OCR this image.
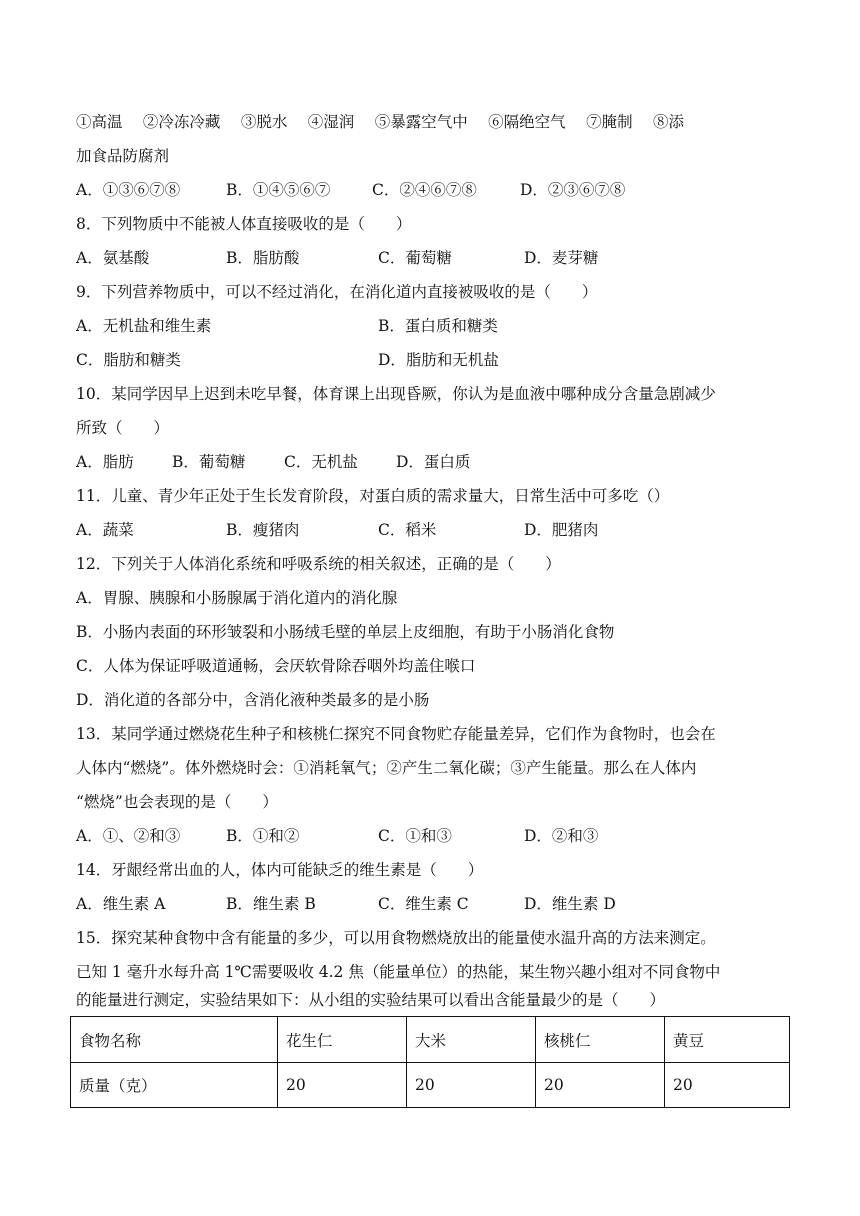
①高温　 ②冷冻冷藏　 ③脱水　 ④湿润　 ⑤暴露空气中　 ⑥隔绝空气　 ⑦腌制　 ⑧添
加食品防腐剂
A．①③⑥⑦⑧	B．①④⑤⑥⑦	C．②④⑥⑦⑧	D．②③⑥⑦⑧
8．下列物质中不能被人体直接吸收的是（　　）
A．氨基酸	B．脂肪酸	C．葡萄糖	D．麦芽糖
9．下列营养物质中，可以不经过消化，在消化道内直接被吸收的是（　　）
A．无机盐和维生素	B．蛋白质和糖类
C．脂肪和糖类	D．脂肪和无机盐
10．某同学因早上迟到未吃早餐，体育课上出现昏厥，你认为是血液中哪种成分含量急剧减少
所致（　　）
A．脂肪 B．葡萄糖 C．无机盐 D．蛋白质
11．儿童、青少年正处于生长发育阶段，对蛋白质的需求量大，日常生活中可多吃（）
A．蔬菜	B．瘦猪肉	C．稻米	D．肥猪肉
12．下列关于人体消化系统和呼吸系统的相关叙述，正确的是（　　）
A．胃腺、胰腺和小肠腺属于消化道内的消化腺
B．小肠内表面的环形皱裂和小肠绒毛壁的单层上皮细胞，有助于小肠消化食物
C．人体为保证呼吸道通畅，会厌软骨除吞咽外均盖住喉口
D．消化道的各部分中，含消化液种类最多的是小肠
13．某同学通过燃烧花生种子和核桃仁探究不同食物贮存能量差异，它们作为食物时，也会在
人体内“燃烧”。体外燃烧时会：①消耗氧气；②产生二氧化碳；③产生能量。那么在人体内
“燃烧”也会表现的是（　　）
A．①、②和③	B．①和②	C．①和③	D．②和③
14．牙龈经常出血的人，体内可能缺乏的维生素是（　　）
A．维生素 A	B．维生素 B	C．维生素 C	D．维生素 D
15．探究某种食物中含有能量的多少，可以用食物燃烧放出的能量使水温升高的方法来测定。
已知 1 毫升水每升高 1℃需要吸收 4.2 焦（能量单位）的热能，某生物兴趣小组对不同食物中
的能量进行测定，实验结果如下：从小组的实验结果可以看出含能量最少的是（　　）
食物名称	花生仁	大米	核桃仁	黄豆
质量（克）	20	20	20	20
